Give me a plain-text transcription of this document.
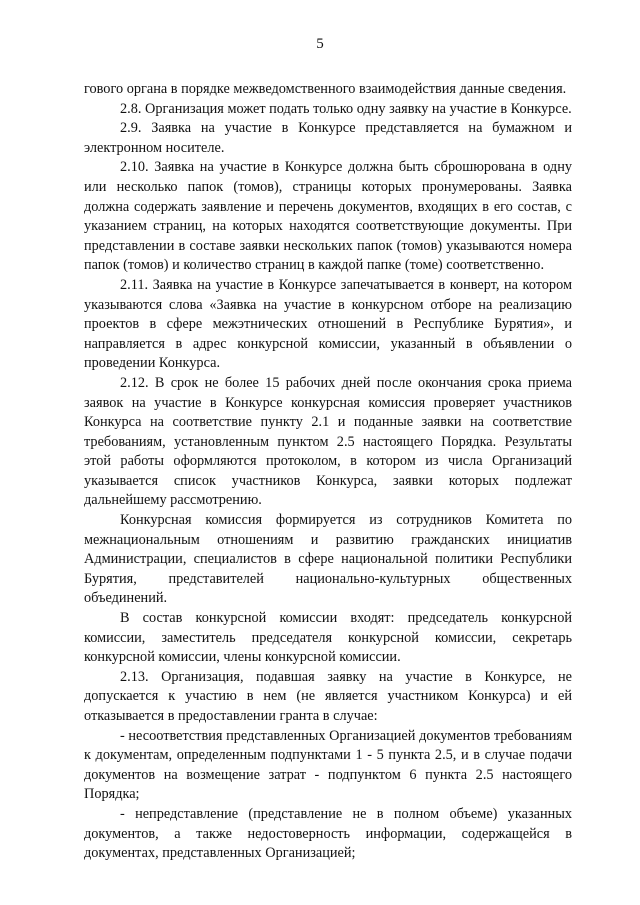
5

гового органа в порядке межведомственного взаимодействия данные сведения.

2.8. Организация может подать только одну заявку на участие в Конкурсе.

2.9. Заявка на участие в Конкурсе представляется на бумажном и электронном носителе.

2.10. Заявка на участие в Конкурсе должна быть сброшюрована в одну или несколько папок (томов), страницы которых пронумерованы. Заявка должна содержать заявление и перечень документов, входящих в его состав, с указанием страниц, на которых находятся соответствующие документы. При представлении в составе заявки нескольких папок (томов) указываются номера папок (томов) и количество страниц в каждой папке (томе) соответственно.

2.11. Заявка на участие в Конкурсе запечатывается в конверт, на котором указываются слова «Заявка на участие в конкурсном отборе на реализацию проектов в сфере межэтнических отношений в Республике Бурятия», и направляется в адрес конкурсной комиссии, указанный в объявлении о проведении Конкурса.

2.12. В срок не более 15 рабочих дней после окончания срока приема заявок на участие в Конкурсе конкурсная комиссия проверяет участников Конкурса на соответствие пункту 2.1 и поданные заявки на соответствие требованиям, установленным пунктом 2.5 настоящего Порядка. Результаты этой работы оформляются протоколом, в котором из числа Организаций указывается список участников Конкурса, заявки которых подлежат дальнейшему рассмотрению.

Конкурсная комиссия формируется из сотрудников Комитета по межнациональным отношениям и развитию гражданских инициатив Администрации, специалистов в сфере национальной политики Республики Бурятия, представителей национально-культурных общественных объединений.

В состав конкурсной комиссии входят: председатель конкурсной комиссии, заместитель председателя конкурсной комиссии, секретарь конкурсной комиссии, члены конкурсной комиссии.

2.13. Организация, подавшая заявку на участие в Конкурсе, не допускается к участию в нем (не является участником Конкурса) и ей отказывается в предоставлении гранта в случае:

- несоответствия представленных Организацией документов требованиям к документам, определенным подпунктами 1 - 5 пункта 2.5, и в случае подачи документов на возмещение затрат - подпунктом 6 пункта 2.5 настоящего Порядка;

- непредставление (представление не в полном объеме) указанных документов, а также недостоверность информации, содержащейся в документах, представленных Организацией;
